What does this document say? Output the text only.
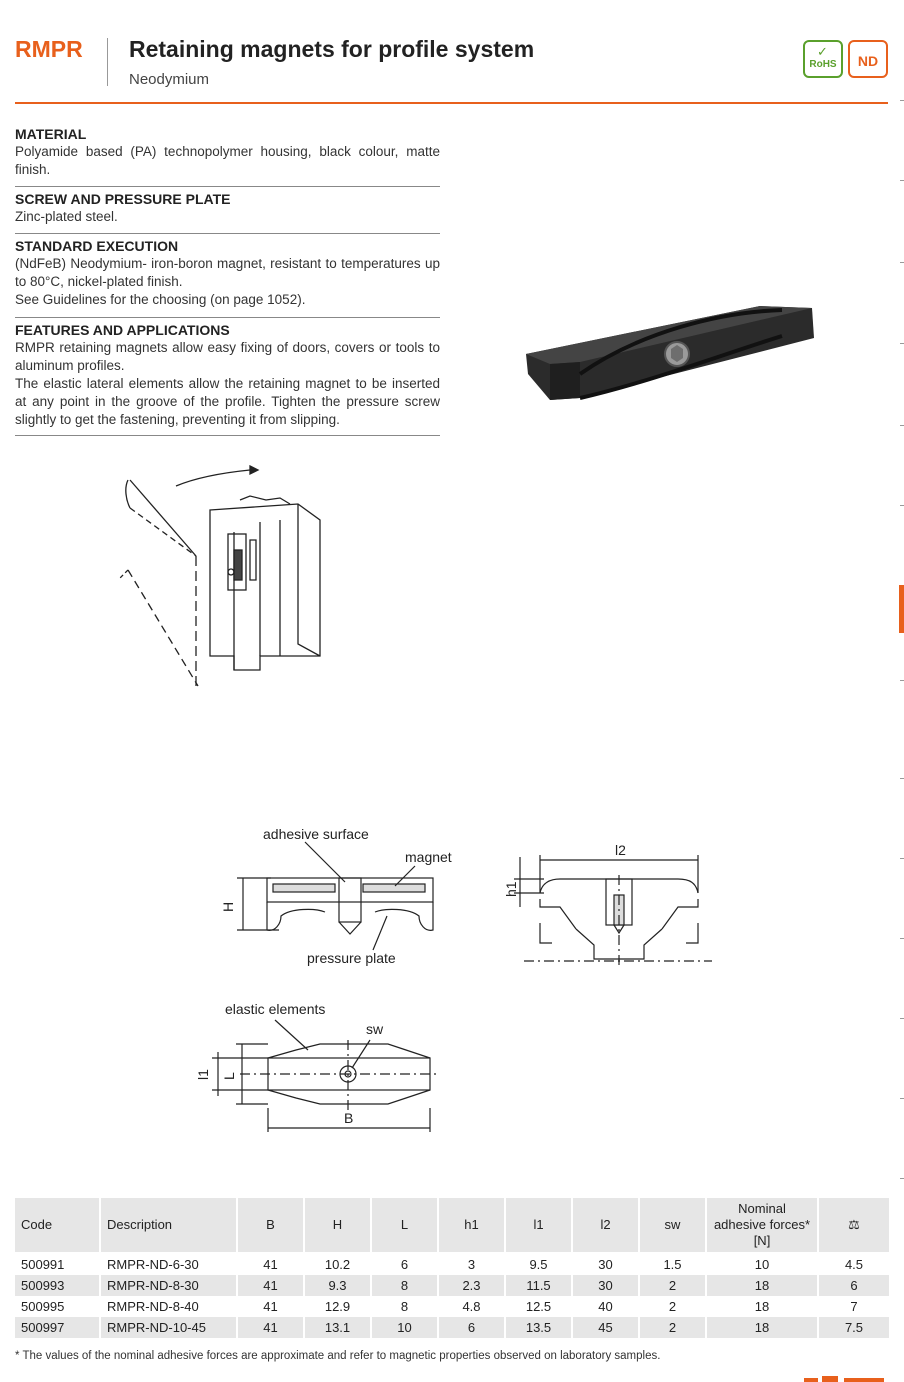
RMPR Retaining magnets for profile system
Neodymium
✓
RoHS	ND
MATERIAL

Polyamide based (PA) technopolymer housing, black colour, matte finish.

SCREW AND PRESSURE PLATE

Zinc-plated steel.

STANDARD EXECUTION

(NdFeB) Neodymium- iron-boron magnet, resistant to temperatures up to 80°C, nickel-plated finish.

See Guidelines for the choosing (on page 1052).

FEATURES AND APPLICATIONS

RMPR retaining magnets allow easy fixing of doors, covers or tools to aluminum profiles.

The elastic lateral elements allow the retaining magnet to be inserted at any point in the groove of the profile. Tighten the pressure screw slightly to get the fastening, preventing it from slipping.

adhesive surface
magnet
pressure plate
H
l2
h1
elastic elements
sw
B
l1 L
Code	Description	B	H	L	h1	l1	l2	sw	Nominal adhesive forces* [N]	⚖
500991	RMPR-ND-6-30	41	10.2	6	3	9.5	30	1.5	10	4.5
500993	RMPR-ND-8-30	41	9.3	8	2.3	11.5	30	2	18	6
500995	RMPR-ND-8-40	41	12.9	8	4.8	12.5	40	2	18	7
500997	RMPR-ND-10-45	41	13.1	10	6	13.5	45	2	18	7.5
* The values of the nominal adhesive forces are approximate and refer to magnetic properties observed on laboratory samples.
